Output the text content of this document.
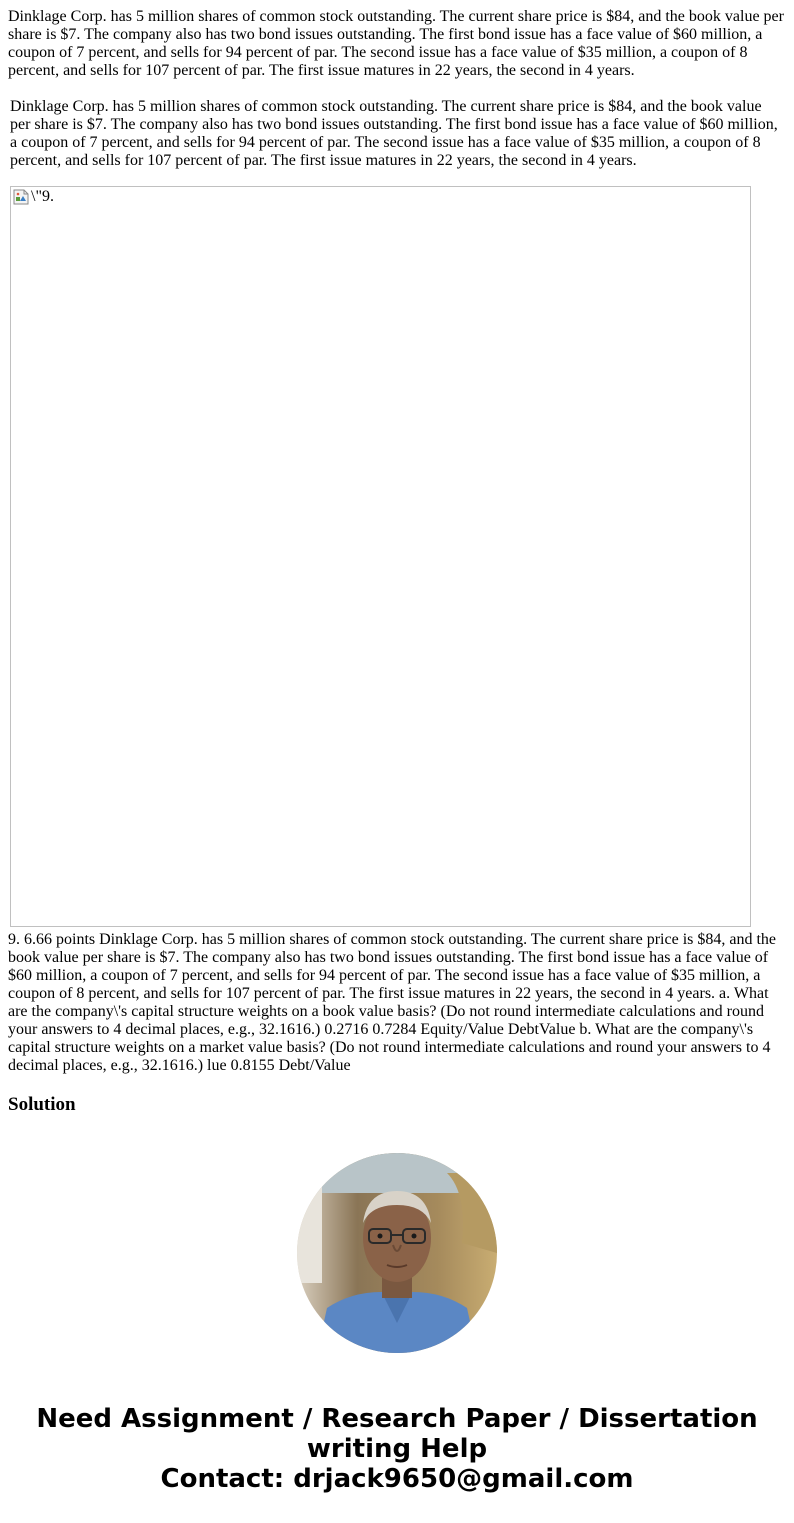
Dinklage Corp. has 5 million shares of common stock outstanding. The current share price is $84, and the book value per share is $7. The company also has two bond issues outstanding. The first bond issue has a face value of $60 million, a coupon of 7 percent, and sells for 94 percent of par. The second issue has a face value of $35 million, a coupon of 8 percent, and sells for 107 percent of par. The first issue matures in 22 years, the second in 4 years.

Dinklage Corp. has 5 million shares of common stock outstanding. The current share price is $84, and the book value per share is $7. The company also has two bond issues outstanding. The first bond issue has a face value of $60 million, a coupon of 7 percent, and sells for 94 percent of par. The second issue has a face value of $35 million, a coupon of 8 percent, and sells for 107 percent of par. The first issue matures in 22 years, the second in 4 years.

\"9.

9. 6.66 points Dinklage Corp. has 5 million shares of common stock outstanding. The current share price is $84, and the book value per share is $7. The company also has two bond issues outstanding. The first bond issue has a face value of $60 million, a coupon of 7 percent, and sells for 94 percent of par. The second issue has a face value of $35 million, a coupon of 8 percent, and sells for 107 percent of par. The first issue matures in 22 years, the second in 4 years. a. What are the company\'s capital structure weights on a book value basis? (Do not round intermediate calculations and round your answers to 4 decimal places, e.g., 32.1616.) 0.2716 0.7284 Equity/Value DebtValue b. What are the company\'s capital structure weights on a market value basis? (Do not round intermediate calculations and round your answers to 4 decimal places, e.g., 32.1616.) lue 0.8155 Debt/Value

Solution
Need Assignment / Research Paper / Dissertation
writing Help
Contact: drjack9650@gmail.com
